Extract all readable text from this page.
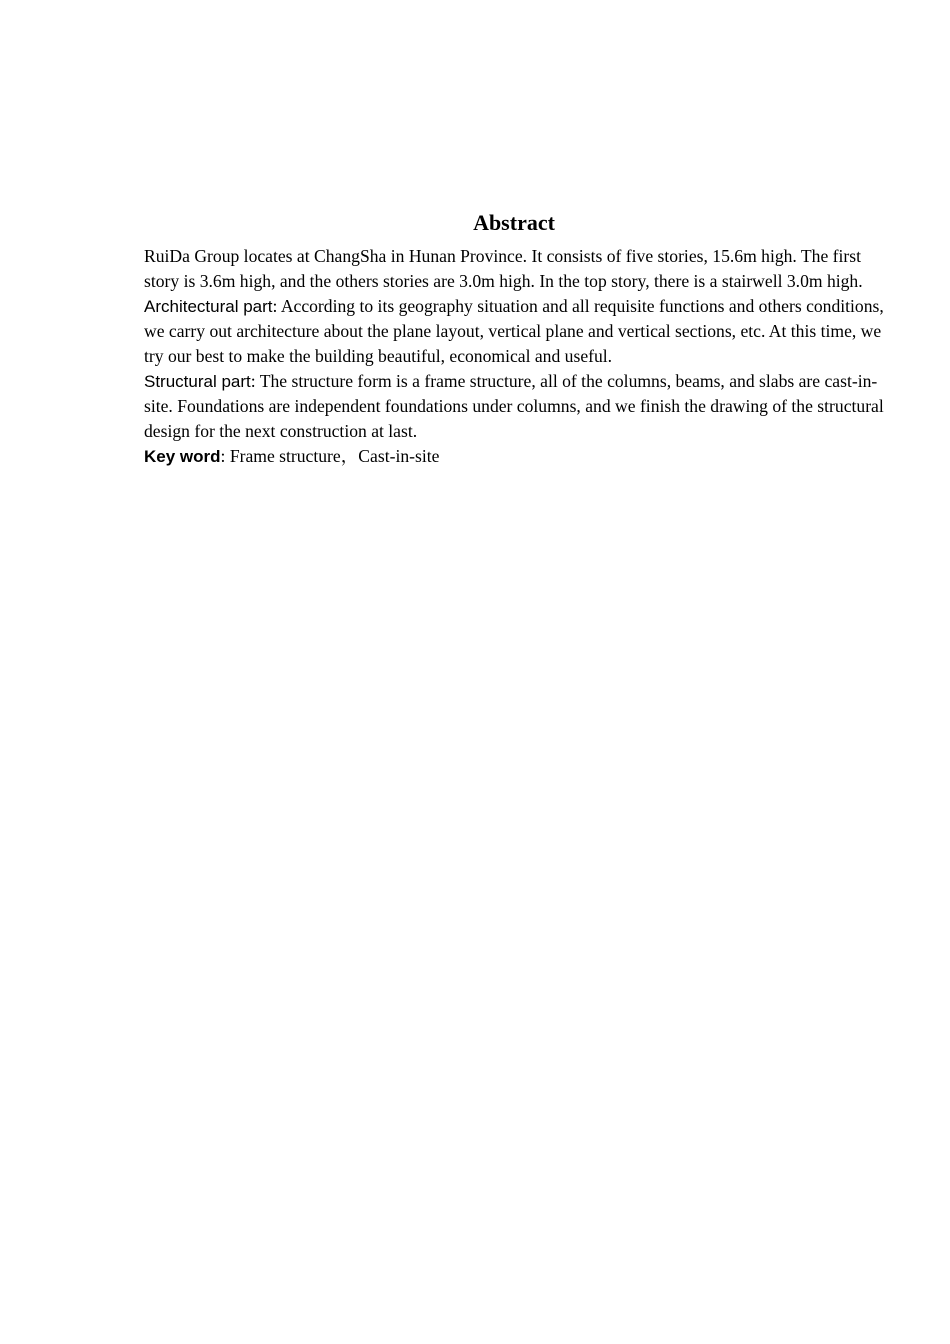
Abstract

RuiDa Group locates at ChangSha in Hunan Province. It consists of five stories, 15.6m high. The first story is 3.6m high, and the others stories are 3.0m high. In the top story, there is a stairwell 3.0m high.

Architectural part: According to its geography situation and all requisite functions and others conditions, we carry out architecture about the plane layout, vertical plane and vertical sections, etc. At this time, we try our best to make the building beautiful, economical and useful.

Structural part: The structure form is a frame structure, all of the columns, beams, and slabs are cast-in-site. Foundations are independent foundations under columns, and we finish the drawing of the structural design for the next construction at last.

Key word: Frame structure，Cast-in-site
